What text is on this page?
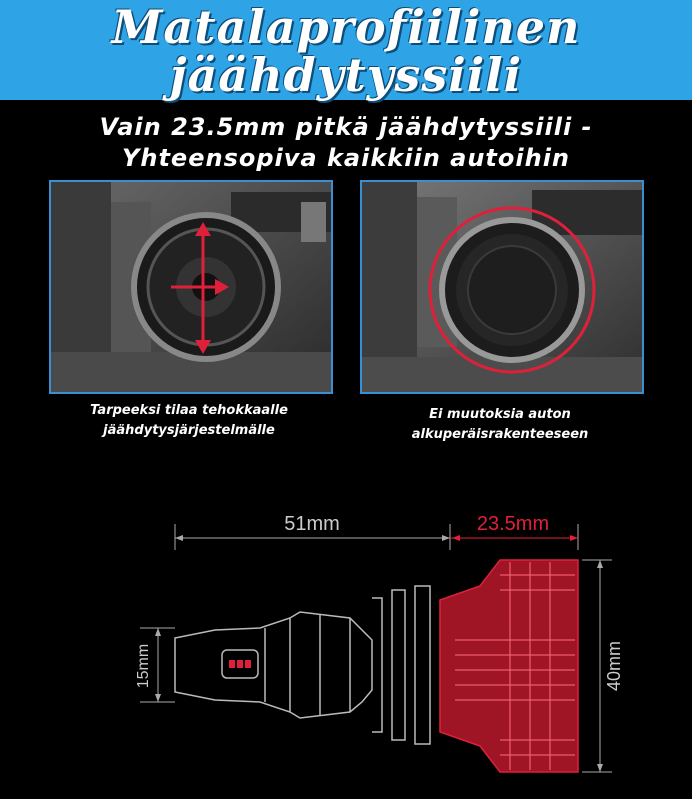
Matalaprofiilinen
jäähdytyssiili
Vain 23.5mm pitkä jäähdytyssiili -
Yhteensopiva kaikkiin autoihin
Tarpeeksi tilaa tehokkaalle
jäähdytysjärjestelmälle
Ei muutoksia auton
alkuperäisrakenteeseen
51mm	23.5mm
40mm
15mm
